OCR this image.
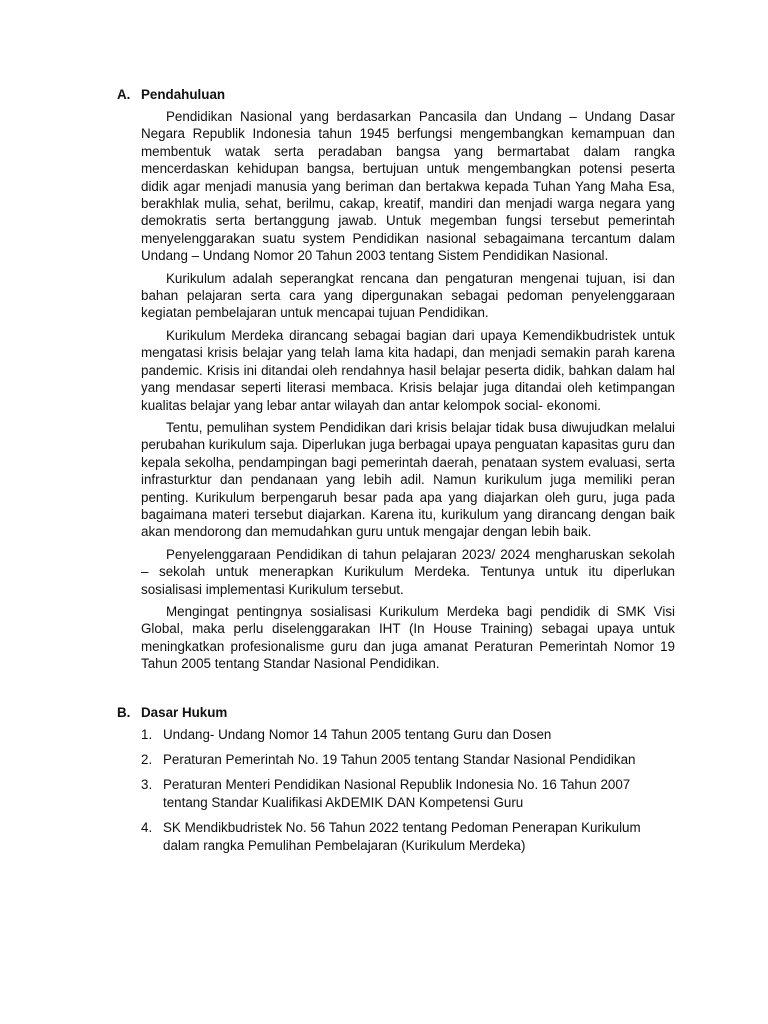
A. Pendahuluan

Pendidikan Nasional yang berdasarkan Pancasila dan Undang – Undang Dasar Negara Republik Indonesia tahun 1945 berfungsi mengembangkan kemampuan dan membentuk watak serta peradaban bangsa yang bermartabat dalam rangka mencerdaskan kehidupan bangsa, bertujuan untuk mengembangkan potensi peserta didik agar menjadi manusia yang beriman dan bertakwa kepada Tuhan Yang Maha Esa, berakhlak mulia, sehat, berilmu, cakap, kreatif, mandiri dan menjadi warga negara yang demokratis serta bertanggung jawab. Untuk megemban fungsi tersebut pemerintah menyelenggarakan suatu system Pendidikan nasional sebagaimana tercantum dalam Undang – Undang Nomor 20 Tahun 2003 tentang Sistem Pendidikan Nasional.

Kurikulum adalah seperangkat rencana dan pengaturan mengenai tujuan, isi dan bahan pelajaran serta cara yang dipergunakan sebagai pedoman penyelenggaraan kegiatan pembelajaran untuk mencapai tujuan Pendidikan.

Kurikulum Merdeka dirancang sebagai bagian dari upaya Kemendikbudristek untuk mengatasi krisis belajar yang telah lama kita hadapi, dan menjadi semakin parah karena pandemic. Krisis ini ditandai oleh rendahnya hasil belajar peserta didik, bahkan dalam hal yang mendasar seperti literasi membaca. Krisis belajar juga ditandai oleh ketimpangan kualitas belajar yang lebar antar wilayah dan antar kelompok social- ekonomi.

Tentu, pemulihan system Pendidikan dari krisis belajar tidak busa diwujudkan melalui perubahan kurikulum saja. Diperlukan juga berbagai upaya penguatan kapasitas guru dan kepala sekolha, pendampingan bagi pemerintah daerah, penataan system evaluasi, serta infrasturktur dan pendanaan yang lebih adil. Namun kurikulum juga memiliki peran penting. Kurikulum berpengaruh besar pada apa yang diajarkan oleh guru, juga pada bagaimana materi tersebut diajarkan. Karena itu, kurikulum yang dirancang dengan baik akan mendorong dan memudahkan guru untuk mengajar dengan lebih baik.

Penyelenggaraan Pendidikan di tahun pelajaran 2023/ 2024 mengharuskan sekolah – sekolah untuk menerapkan Kurikulum Merdeka. Tentunya untuk itu diperlukan sosialisasi implementasi Kurikulum tersebut.

Mengingat pentingnya sosialisasi Kurikulum Merdeka bagi pendidik di SMK Visi Global, maka perlu diselenggarakan IHT (In House Training) sebagai upaya untuk meningkatkan profesionalisme guru dan juga amanat Peraturan Pemerintah Nomor 19 Tahun 2005 tentang Standar Nasional Pendidikan.

B. Dasar Hukum
1. Undang- Undang Nomor 14 Tahun 2005 tentang Guru dan Dosen
2. Peraturan Pemerintah No. 19 Tahun 2005 tentang Standar Nasional Pendidikan
3. Peraturan Menteri Pendidikan Nasional Republik Indonesia No. 16 Tahun 2007 tentang Standar Kualifikasi AkDEMIK DAN Kompetensi Guru
4. SK Mendikbudristek No. 56 Tahun 2022 tentang Pedoman Penerapan Kurikulum dalam rangka Pemulihan Pembelajaran (Kurikulum Merdeka)
